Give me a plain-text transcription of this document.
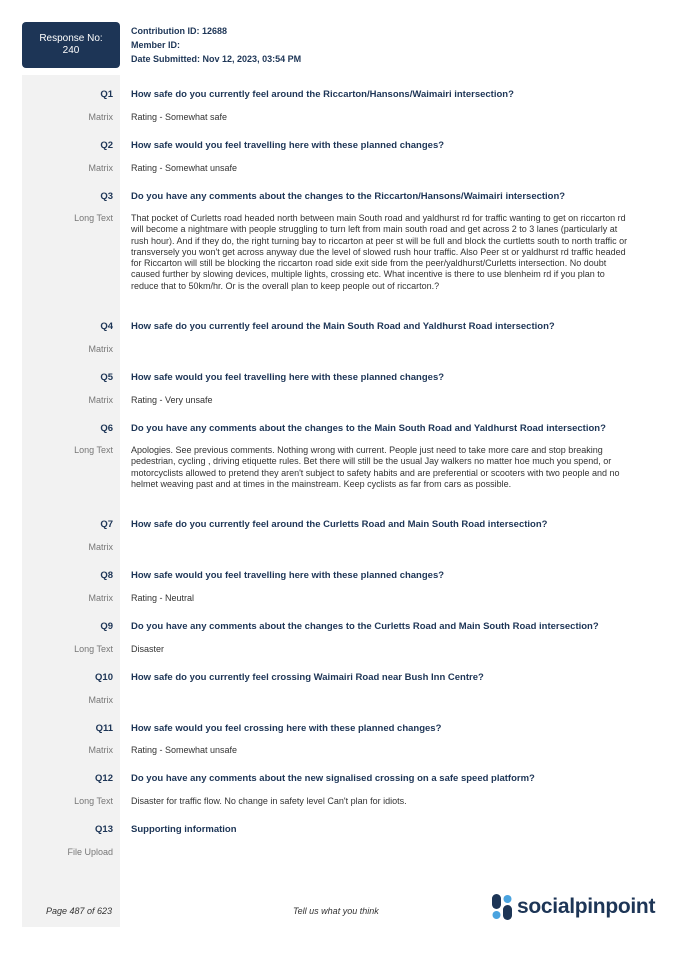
Response No:
240
Contribution ID: 12688
Member ID:
Date Submitted: Nov 12, 2023, 03:54 PM
Q1 How safe do you currently feel around the Riccarton/Hansons/Waimairi intersection?
Matrix Rating - Somewhat safe
Q2 How safe would you feel travelling here with these planned changes?
Matrix Rating - Somewhat unsafe
Q3 Do you have any comments about the changes to the Riccarton/Hansons/Waimairi intersection?
Long Text That pocket of Curletts road headed north between main South road and yaldhurst rd for traffic wanting to get on riccarton rd will become a nightmare with people struggling to turn left from main south road and get across 2 to 3 lanes (particularly at rush hour). And if they do, the right turning bay to riccarton at peer st will be full and block the curtletts south to north traffic or transversely you won't get across anyway due the level of slowed rush hour traffic. Also Peer st or yaldhurst rd traffic headed for Riccarton will still be blocking the riccarton road side exit side from the peer/yaldhurst/Curletts intersection. No doubt caused further by slowing devices, multiple lights, crossing etc. What incentive is there to use blenheim rd if you plan to reduce that to 50km/hr. Or is the overall plan to keep people out of riccarton.?
Q4 How safe do you currently feel around the Main South Road and Yaldhurst Road intersection?
Matrix
Q5 How safe would you feel travelling here with these planned changes?
Matrix Rating - Very unsafe
Q6 Do you have any comments about the changes to the Main South Road and Yaldhurst Road intersection?
Long Text Apologies. See previous comments. Nothing wrong with current. People just need to take more care and stop breaking pedestrian, cycling , driving etiquette rules. Bet there will still be the usual Jay walkers no matter hoe much you spend, or motorcyclists allowed to pretend they aren't subject to safety habits and are preferential or scooters with two people and no helmet weaving past and at times in the mainstream. Keep cyclists as far from cars as possible.
Q7 How safe do you currently feel around the Curletts Road and Main South Road intersection?
Matrix
Q8 How safe would you feel travelling here with these planned changes?
Matrix Rating - Neutral
Q9 Do you have any comments about the changes to the Curletts Road and Main South Road intersection?
Long Text Disaster
Q10 How safe do you currently feel crossing Waimairi Road near Bush Inn Centre?
Matrix
Q11 How safe would you feel crossing here with these planned changes?
Matrix Rating - Somewhat unsafe
Q12 Do you have any comments about the new signalised crossing on a safe speed platform?
Long Text Disaster for traffic flow. No change in safety level Can't plan for idiots.
Q13 Supporting information
File Upload
Page 487 of 623	Tell us what you think	socialpinpoint
